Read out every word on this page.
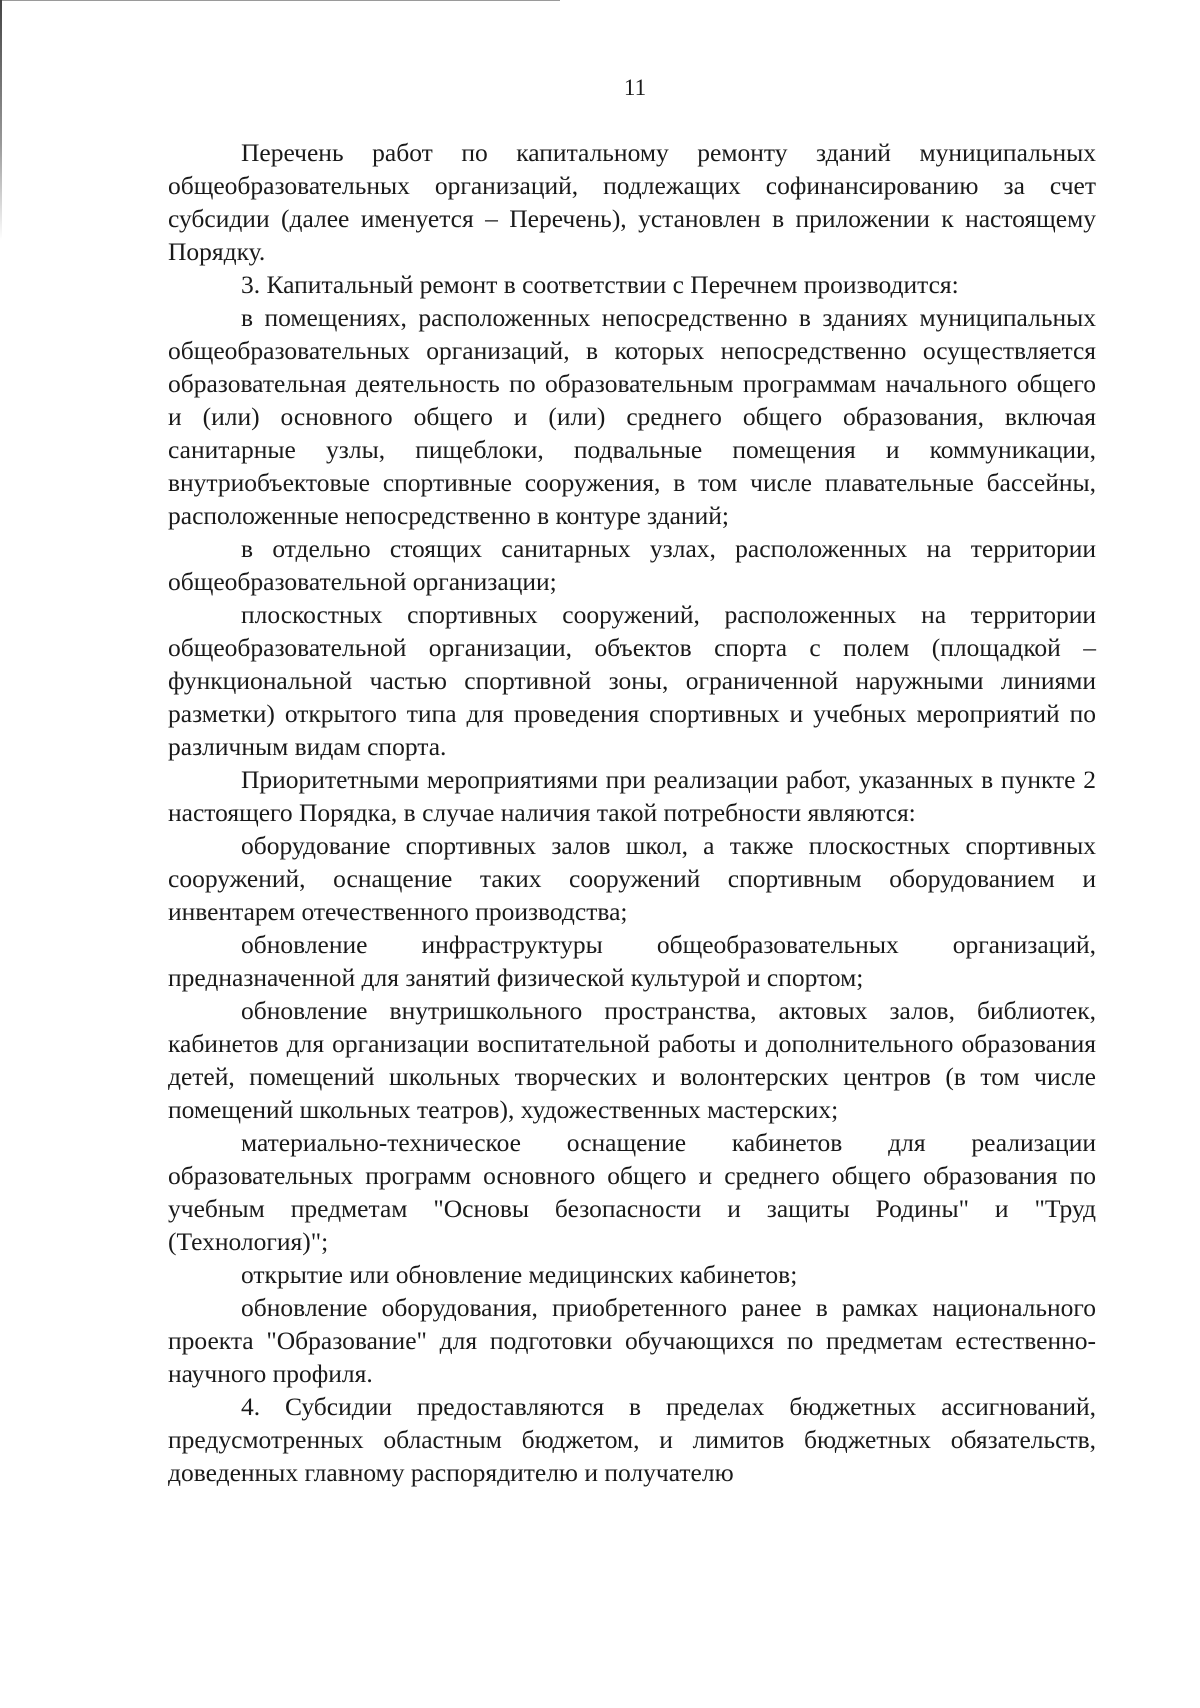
11

Перечень работ по капитальному ремонту зданий муниципальных общеобразовательных организаций, подлежащих софинансированию за счет субсидии (далее именуется – Перечень), установлен в приложении к настоящему Порядку.

3. Капитальный ремонт в соответствии с Перечнем производится:

в помещениях, расположенных непосредственно в зданиях муниципальных общеобразовательных организаций, в которых непосредственно осуществляется образовательная деятельность по образовательным программам начального общего и (или) основного общего и (или) среднего общего образования, включая санитарные узлы, пищеблоки, подвальные помещения и коммуникации, внутриобъектовые спортивные сооружения, в том числе плавательные бассейны, расположенные непосредственно в контуре зданий;

в отдельно стоящих санитарных узлах, расположенных на территории общеобразовательной организации;

плоскостных спортивных сооружений, расположенных на территории общеобразовательной организации, объектов спорта с полем (площадкой – функциональной частью спортивной зоны, ограниченной наружными линиями разметки) открытого типа для проведения спортивных и учебных мероприятий по различным видам спорта.

Приоритетными мероприятиями при реализации работ, указанных в пункте 2 настоящего Порядка, в случае наличия такой потребности являются:

оборудование спортивных залов школ, а также плоскостных спортивных сооружений, оснащение таких сооружений спортивным оборудованием и инвентарем отечественного производства;

обновление инфраструктуры общеобразовательных организаций, предназначенной для занятий физической культурой и спортом;

обновление внутришкольного пространства, актовых залов, библиотек, кабинетов для организации воспитательной работы и дополнительного образования детей, помещений школьных творческих и волонтерских центров (в том числе помещений школьных театров), художественных мастерских;

материально-техническое оснащение кабинетов для реализации образовательных программ основного общего и среднего общего образования по учебным предметам "Основы безопасности и защиты Родины" и "Труд (Технология)";

открытие или обновление медицинских кабинетов;

обновление оборудования, приобретенного ранее в рамках национального проекта "Образование" для подготовки обучающихся по предметам естественно-научного профиля.

4. Субсидии предоставляются в пределах бюджетных ассигнований, предусмотренных областным бюджетом, и лимитов бюджетных обязательств, доведенных главному распорядителю и получателю
